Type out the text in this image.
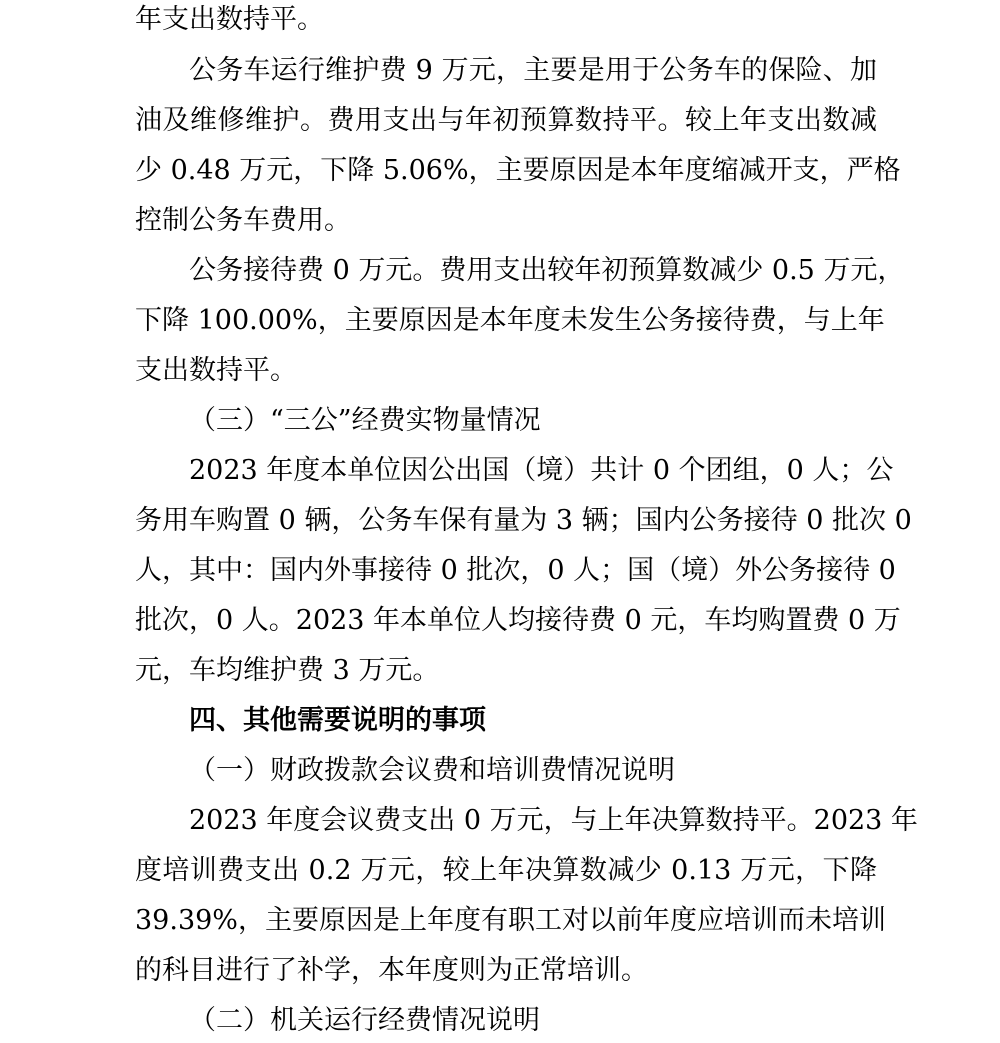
年支出数持平。
公务车运行维护费 9 万元，主要是用于公务车的保险、加
油及维修维护。费用支出与年初预算数持平。较上年支出数减
少 0.48 万元，下降 5.06%，主要原因是本年度缩减开支，严格
控制公务车费用。
公务接待费 0 万元。费用支出较年初预算数减少 0.5 万元，
下降 100.00%，主要原因是本年度未发生公务接待费，与上年
支出数持平。
（三）“三公”经费实物量情况
2023 年度本单位因公出国（境）共计 0 个团组，0 人；公
务用车购置 0 辆，公务车保有量为 3 辆；国内公务接待 0 批次 0
人，其中：国内外事接待 0 批次，0 人；国（境）外公务接待 0
批次，0 人。2023 年本单位人均接待费 0 元，车均购置费 0 万
元，车均维护费 3 万元。
四、其他需要说明的事项
（一）财政拨款会议费和培训费情况说明
2023 年度会议费支出 0 万元，与上年决算数持平。2023 年
度培训费支出 0.2 万元，较上年决算数减少 0.13 万元，下降
39.39%，主要原因是上年度有职工对以前年度应培训而未培训
的科目进行了补学，本年度则为正常培训。
（二）机关运行经费情况说明
